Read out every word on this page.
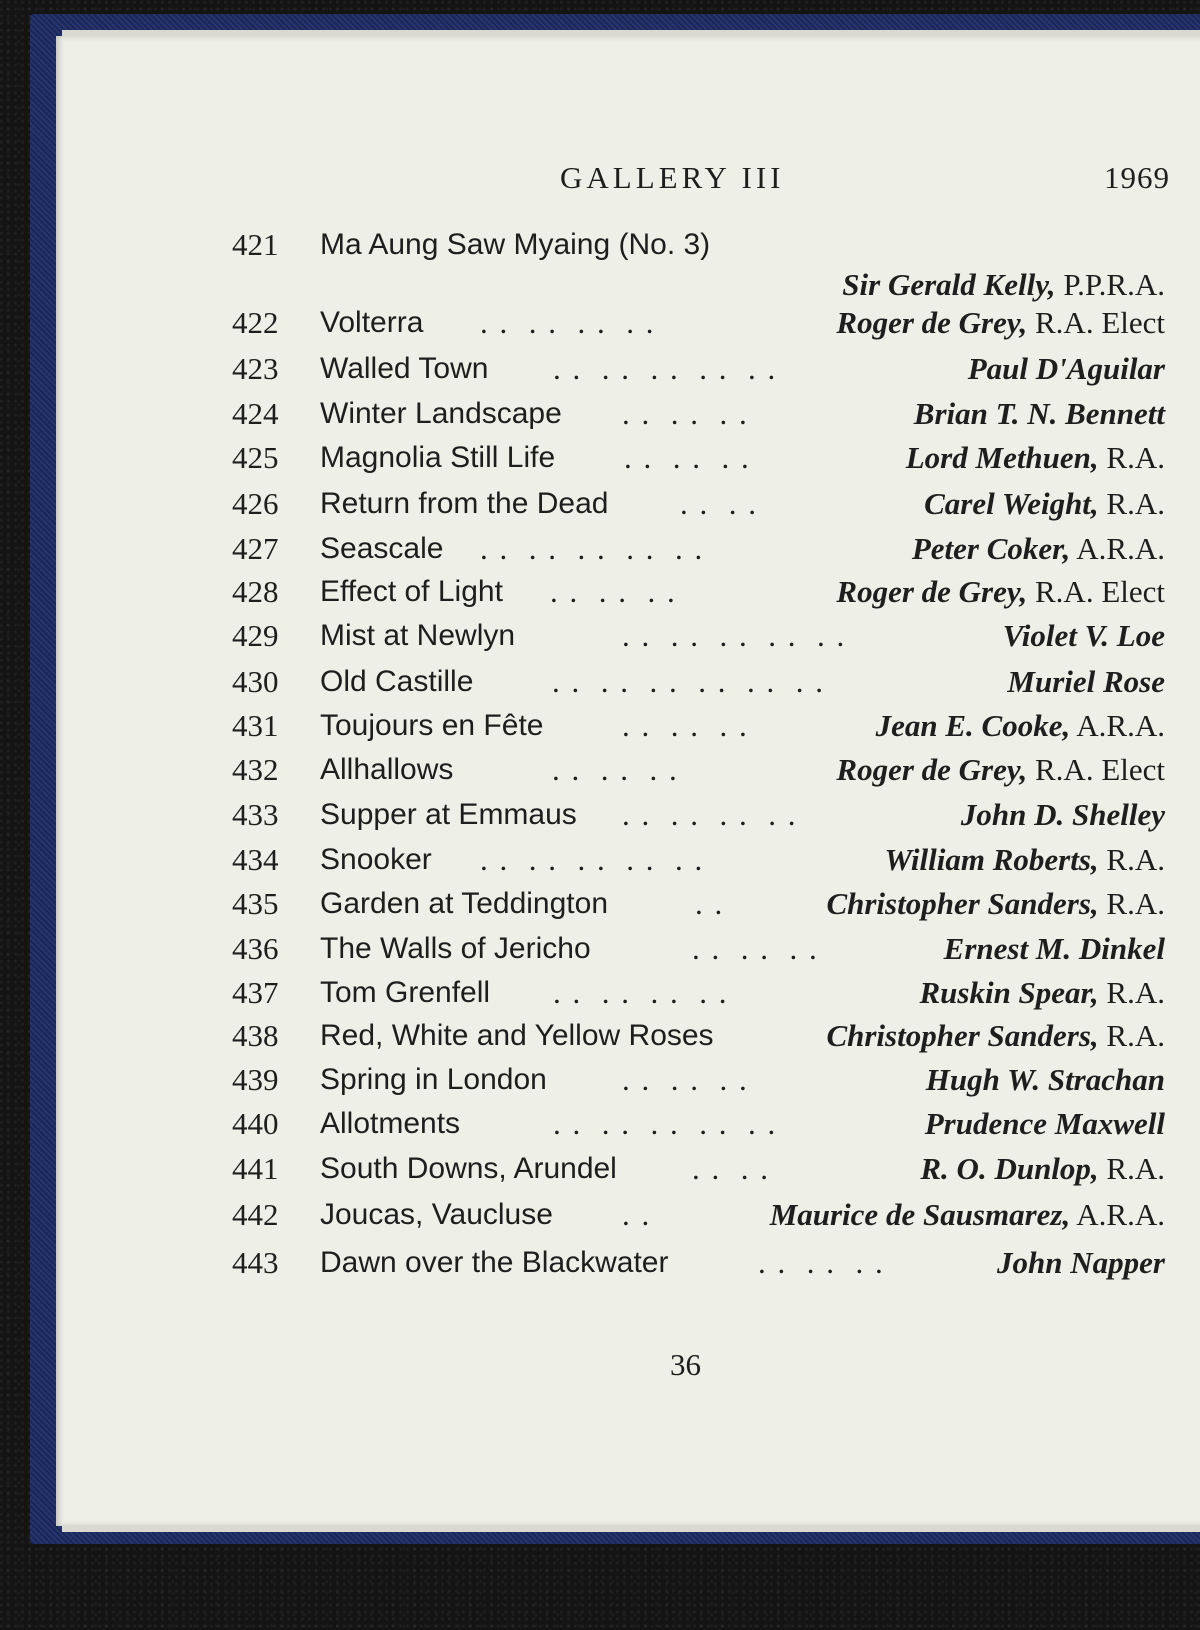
GALLERY III	1969
421 Ma Aung Saw Myaing (No. 3)
Sir Gerald Kelly, P.P.R.A.
422 Volterra . .  . .  . .  . .	Roger de Grey, R.A. Elect
423 Walled Town . .  . .  . .  . .  . .	Paul D'Aguilar
424 Winter Landscape . .  . .  . .	Brian T. N. Bennett
425 Magnolia Still Life . .  . .  . .	Lord Methuen, R.A.
426 Return from the Dead . .  . .	Carel Weight, R.A.
427 Seascale . .  . .  . .  . .  . .	Peter Coker, A.R.A.
428 Effect of Light . .  . .  . .	Roger de Grey, R.A. Elect
429 Mist at Newlyn	. .  . .  . .  . .  . .	Violet V. Loe
430 Old Castille	. .  . .  . .  . .  . .  . .	Muriel Rose
431 Toujours en Fête	. .  . .  . .	Jean E. Cooke, A.R.A.
432 Allhallows	. .  . .  . .	Roger de Grey, R.A. Elect
433 Supper at Emmaus . .  . .  . .  . .	John D. Shelley
434 Snooker . .  . .  . .  . .  . .	William Roberts, R.A.
435 Garden at Teddington	. .	Christopher Sanders, R.A.
436 The Walls of Jericho	. .  . .  . .	Ernest M. Dinkel
437 Tom Grenfell . .  . .  . .  . .	Ruskin Spear, R.A.
438 Red, White and Yellow Roses	Christopher Sanders, R.A.
439 Spring in London . .  . .  . .	Hugh W. Strachan
440 Allotments	. .  . .  . .  . .  . .	Prudence Maxwell
441 South Downs, Arundel . .  . .	R. O. Dunlop, R.A.
442 Joucas, Vaucluse . .	Maurice de Sausmarez, A.R.A.
443 Dawn over the Blackwater	. .  . .  . .	John Napper
36
